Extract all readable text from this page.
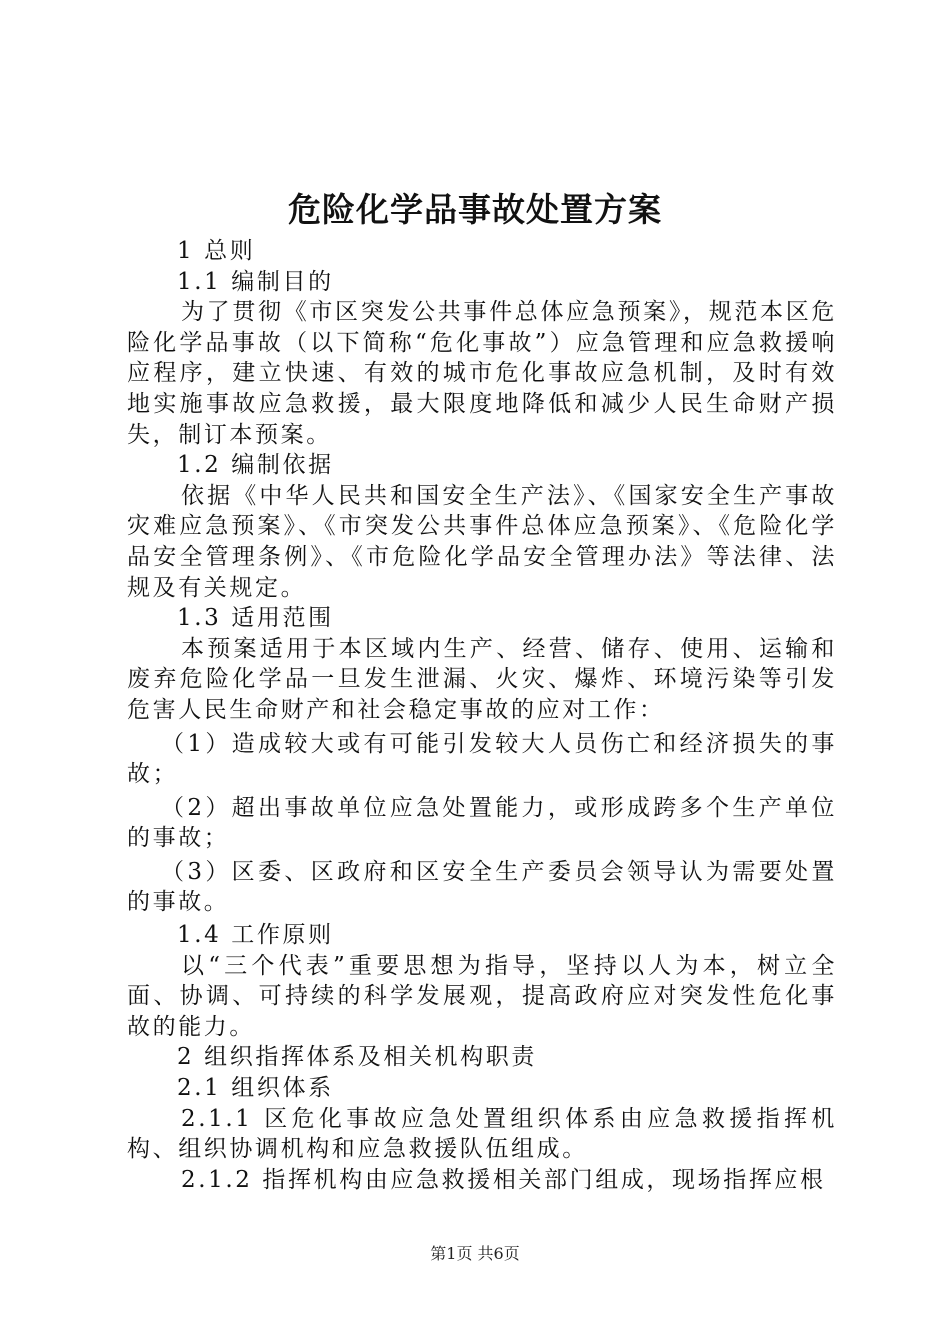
危险化学品事故处置方案

1 总则

1.1 编制目的

为了贯彻《市区突发公共事件总体应急预案》，规范本区危险化学品事故（以下简称“危化事故”）应急管理和应急救援响应程序，建立快速、有效的城市危化事故应急机制，及时有效地实施事故应急救援，最大限度地降低和减少人民生命财产损失，制订本预案。

1.2 编制依据

依据《中华人民共和国安全生产法》、《国家安全生产事故灾难应急预案》、《市突发公共事件总体应急预案》、《危险化学品安全管理条例》、《市危险化学品安全管理办法》等法律、法规及有关规定。

1.3 适用范围

本预案适用于本区域内生产、经营、储存、使用、运输和废弃危险化学品一旦发生泄漏、火灾、爆炸、环境污染等引发危害人民生命财产和社会稳定事故的应对工作：

（1）造成较大或有可能引发较大人员伤亡和经济损失的事故；

（2）超出事故单位应急处置能力，或形成跨多个生产单位的事故；

（3）区委、区政府和区安全生产委员会领导认为需要处置的事故。

1.4 工作原则

以“三个代表”重要思想为指导，坚持以人为本，树立全面、协调、可持续的科学发展观，提高政府应对突发性危化事故的能力。

2 组织指挥体系及相关机构职责

2.1 组织体系

2.1.1 区危化事故应急处置组织体系由应急救援指挥机构、组织协调机构和应急救援队伍组成。

2.1.2 指挥机构由应急救援相关部门组成，现场指挥应根

第1页 共6页
